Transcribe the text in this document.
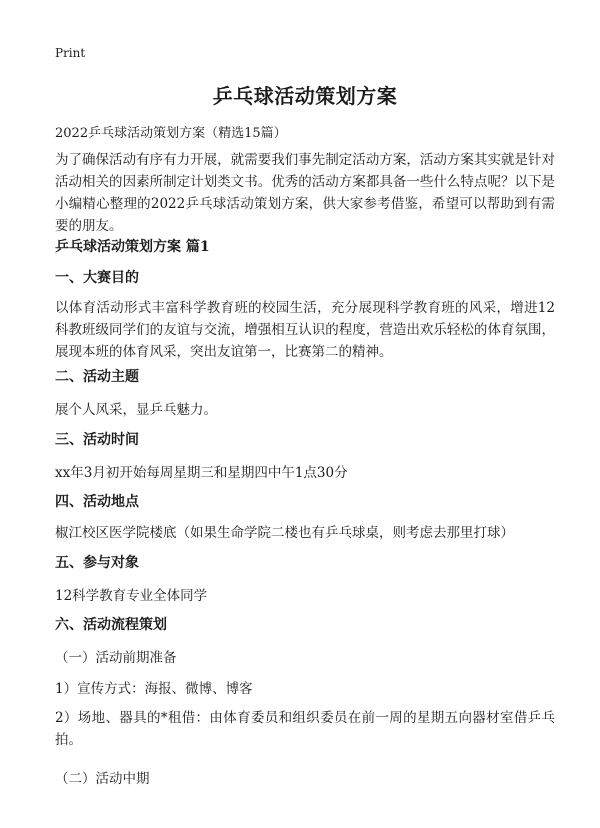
Print
乒乓球活动策划方案
2022乒乓球活动策划方案（精选15篇）
为了确保活动有序有力开展，就需要我们事先制定活动方案，活动方案其实就是针对活动相关的因素所制定计划类文书。优秀的活动方案都具备一些什么特点呢？以下是小编精心整理的2022乒乓球活动策划方案，供大家参考借鉴，希望可以帮助到有需要的朋友。
乒乓球活动策划方案 篇1
一、大赛目的
以体育活动形式丰富科学教育班的校园生活，充分展现科学教育班的风采，增进12科教班级同学们的友谊与交流，增强相互认识的程度，营造出欢乐轻松的体育氛围，展现本班的体育风采，突出友谊第一，比赛第二的精神。
二、活动主题
展个人风采，显乒乓魅力。
三、活动时间
xx年3月初开始每周星期三和星期四中午1点30分
四、活动地点
椒江校区医学院楼底（如果生命学院二楼也有乒乓球桌，则考虑去那里打球）
五、参与对象
12科学教育专业全体同学
六、活动流程策划
（一）活动前期准备
1）宣传方式：海报、微博、博客
2）场地、器具的*租借：由体育委员和组织委员在前一周的星期五向器材室借乒乓拍。
（二）活动中期
